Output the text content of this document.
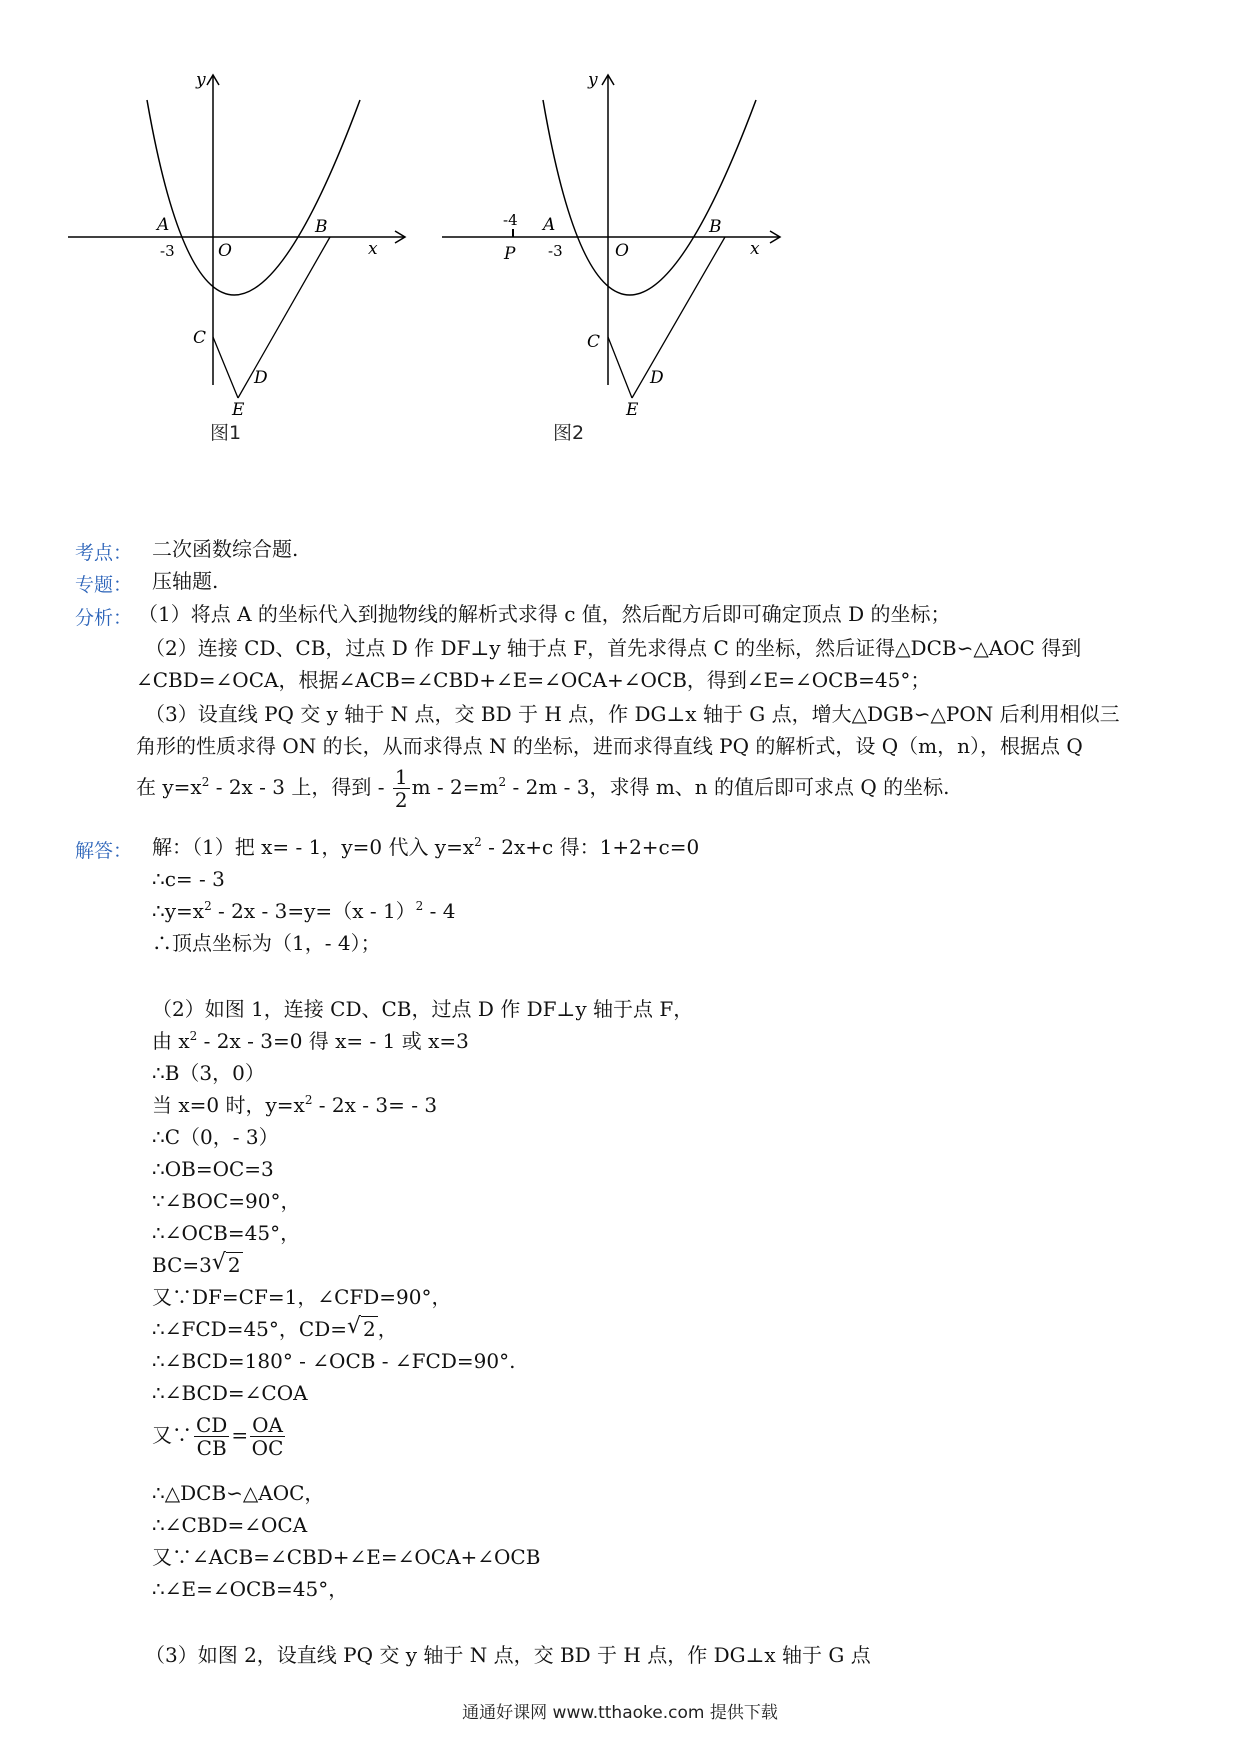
A
-3	O
B
x
y
C
D
E
图1
-4
P
A
-3	O
B
x
y
C
D
E
图2
考点： 二次函数综合题.
专题： 压轴题.
分析： （1）将点 A 的坐标代入到抛物线的解析式求得 c 值，然后配方后即可确定顶点 D 的坐标；
（2）连接 CD、CB，过点 D 作 DF⊥y 轴于点 F，首先求得点 C 的坐标，然后证得△DCB∽△AOC 得到
∠CBD=∠OCA，根据∠ACB=∠CBD+∠E=∠OCA+∠OCB，得到∠E=∠OCB=45°；
（3）设直线 PQ 交 y 轴于 N 点，交 BD 于 H 点，作 DG⊥x 轴于 G 点，增大△DGB∽△PON 后利用相似三
角形的性质求得 ON 的长，从而求得点 N 的坐标，进而求得直线 PQ 的解析式，设 Q（m，n），根据点 Q
在 $y=x^2 - 2x - 3$ 上，得到 - $\frac{1}{2}$ $m - 2=m^2 - 2m - 3$，求得 m、n 的值后即可求点 Q 的坐标.
解答： 解：（1）把 x= - 1，y=0 代入 $y=x^2 - 2x+c$ 得：1+2+c=0
∴c= - 3
$\therefore y=x^2 - 2x - 3=y=(x - 1)^2 - 4$
∴顶点坐标为（1，- 4）；
（2）如图 1，连接 CD、CB，过点 D 作 DF⊥y 轴于点 F，
由 $x^2 - 2x - 3=0$ 得 x= - 1 或 x=3
∴B（3，0）
当 x=0 时，$y=x^2 - 2x - 3= - 3$
∴C（0，- 3）
∴OB=OC=3
∵∠BOC=90°，
∴∠OCB=45°，
BC=3 √ 2
又∵DF=CF=1，∠CFD=90°，
∴∠FCD=45°，CD= √ 2 ，
∴∠BCD=180° - ∠OCB - ∠FCD=90°.
∴∠BCD=∠COA
又∵ $\frac{CD}{CB} = \frac{OA}{OC}$
∴△DCB∽△AOC，
∴∠CBD=∠OCA
又∵∠ACB=∠CBD+∠E=∠OCA+∠OCB
∴∠E=∠OCB=45°，
（3）如图 2，设直线 PQ 交 y 轴于 N 点，交 BD 于 H 点，作 DG⊥x 轴于 G 点
通通好课网 www.tthaoke.com 提供下载
